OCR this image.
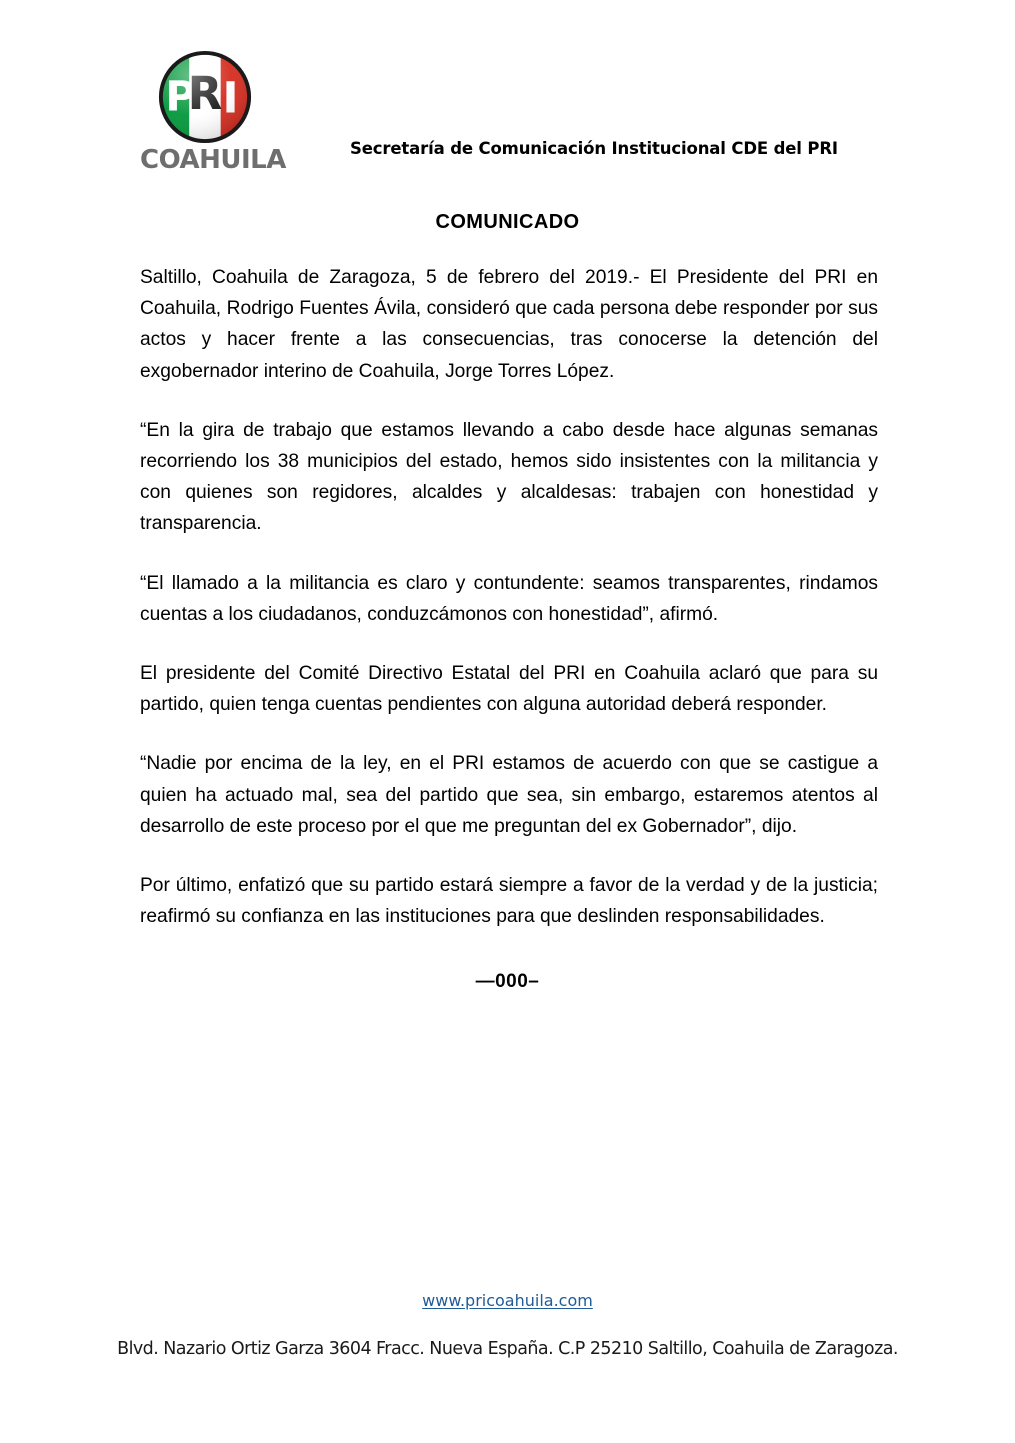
COAHUILA	Secretaría de Comunicación Institucional CDE del PRI
COMUNICADO

Saltillo, Coahuila de Zaragoza, 5 de febrero del 2019.- El Presidente del PRI en Coahuila, Rodrigo Fuentes Ávila, consideró que cada persona debe responder por sus actos y hacer frente a las consecuencias, tras conocerse la detención del exgobernador interino de Coahuila, Jorge Torres López.

“En la gira de trabajo que estamos llevando a cabo desde hace algunas semanas recorriendo los 38 municipios del estado, hemos sido insistentes con la militancia y con quienes son regidores, alcaldes y alcaldesas: trabajen con honestidad y transparencia.

“El llamado a la militancia es claro y contundente: seamos transparentes, rindamos cuentas a los ciudadanos, conduzcámonos con honestidad”, afirmó.

El presidente del Comité Directivo Estatal del PRI en Coahuila aclaró que para su partido, quien tenga cuentas pendientes con alguna autoridad deberá responder.

“Nadie por encima de la ley, en el PRI estamos de acuerdo con que se castigue a quien ha actuado mal, sea del partido que sea, sin embargo, estaremos atentos al desarrollo de este proceso por el que me preguntan del ex Gobernador”, dijo.

Por último, enfatizó que su partido estará siempre a favor de la verdad y de la justicia; reafirmó su confianza en las instituciones para que deslinden responsabilidades.

—000–
www.pricoahuila.com
Blvd. Nazario Ortiz Garza 3604 Fracc. Nueva España. C.P 25210 Saltillo, Coahuila de Zaragoza.
